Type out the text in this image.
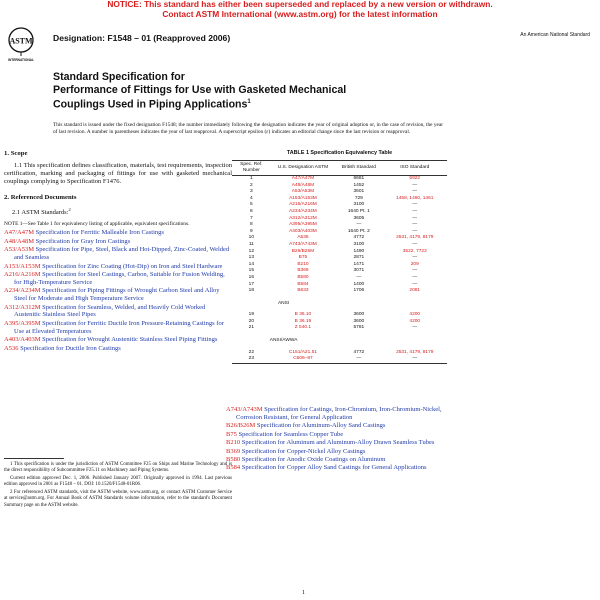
NOTICE: This standard has either been superseded and replaced by a new version or withdrawn.
Contact ASTM International (www.astm.org) for the latest information
ASTM
INTERNATIONAL
Designation: F1548 – 01 (Reapproved 2006)	An American National Standard
Standard Specification for
Performance of Fittings for Use with Gasketed Mechanical
Couplings Used in Piping Applications$^1$
This standard is issued under the fixed designation F1548; the number immediately following the designation indicates the year of original adoption or, in the case of revision, the year of last revision. A number in parentheses indicates the year of last reapproval. A superscript epsilon (ε) indicates an editorial change since the last revision or reapproval.
1. Scope
1.1 This specification defines classification, materials, test requirements, inspection certification, marking and packaging of fittings for use with gasketed mechanical couplings complying to Specification F1476.
2. Referenced Documents
2.1 ASTM Standards:$^2$
NOTE 1—See Table 1 for equivalency listing of applicable, equivalent specifications.
A47/A47M Specification for Ferritic Malleable Iron Castings
A48/A48M Specification for Gray Iron Castings
A53/A53M Specification for Pipe, Steel, Black and Hot-Dipped, Zinc-Coated, Welded and Seamless
A153/A153M Specification for Zinc Coating (Hot-Dip) on Iron and Steel Hardware
A216/A216M Specification for Steel Castings, Carbon, Suitable for Fusion Welding, for High-Temperature Service
A234/A234M Specification for Piping Fittings of Wrought Carbon Steel and Alloy Steel for Moderate and High Temperature Service
A312/A312M Specification for Seamless, Welded, and Heavily Cold Worked Austenitic Stainless Steel Pipes
A395/A395M Specification for Ferritic Ductile Iron Pressure-Retaining Castings for Use at Elevated Temperatures
A403/A403M Specification for Wrought Austenitic Stainless Steel Piping Fittings
A536 Specification for Ductile Iron Castings
1 This specification is under the jurisdiction of ASTM Committee F25 on Ships and Marine Technology and is the direct responsibility of Subcommittee F25.11 on Machinery and Piping Systems.
Current edition approved Dec. 1, 2006. Published January 2007. Originally approved in 1994. Last previous edition approved in 2001 as F1548 – 01. DOI: 10.1520/F1548-01R06.
2 For referenced ASTM standards, visit the ASTM website, www.astm.org, or contact ASTM Customer Service at service@astm.org. For Annual Book of ASTM Standards volume information, refer to the standard's Document Summary page on the ASTM website.
TABLE 1 Specification Equivalency Table
Spec. Ref. Number	U.S. Designation ASTM	British Standard	ISO Standard
1	A47/A47M	6681	5922
2	A48/A48M	1452	—
3	A53/A53M	3601	—
4	A153/A153M	729	1458, 1460, 1461
5	A216/A216M	3100	—
6	A234/A234M	1640 Pt. 1	—
7	A312/A312M	3605	—
8	A395/A395M	—	—
9	A403/A403M	1640 Pt. 2	—
10	A536	4772	2531, 4179, 8179
11	A743/A743M	3100	—
12	B26/B26M	1490	3522, 7722
13	B75	2871	—
14	B210	1471	209
15	B369	3071	—
16	B580	—	—
17	B584	1400	—
18	B633	1706	2081
ANSI			
19	B 36.10	3600	4200
20	B 36.19	3600	4200
21	Z 540.1	5781	—
ANSI/AWWA			
22	C151/A21.51	4772	2531, 4179, 8179
23	C606–87	—	—
A743/A743M Specification for Castings, Iron-Chromium, Iron-Chromium-Nickel, Corrosion Resistant, for General Application
B26/B26M Specification for Aluminum-Alloy Sand Castings
B75 Specification for Seamless Copper Tube
B210 Specification for Aluminum and Aluminum-Alloy Drawn Seamless Tubes
B369 Specification for Copper-Nickel Alloy Castings
B580 Specification for Anodic Oxide Coatings on Aluminum
B584 Specification for Copper Alloy Sand Castings for General Applications
1
